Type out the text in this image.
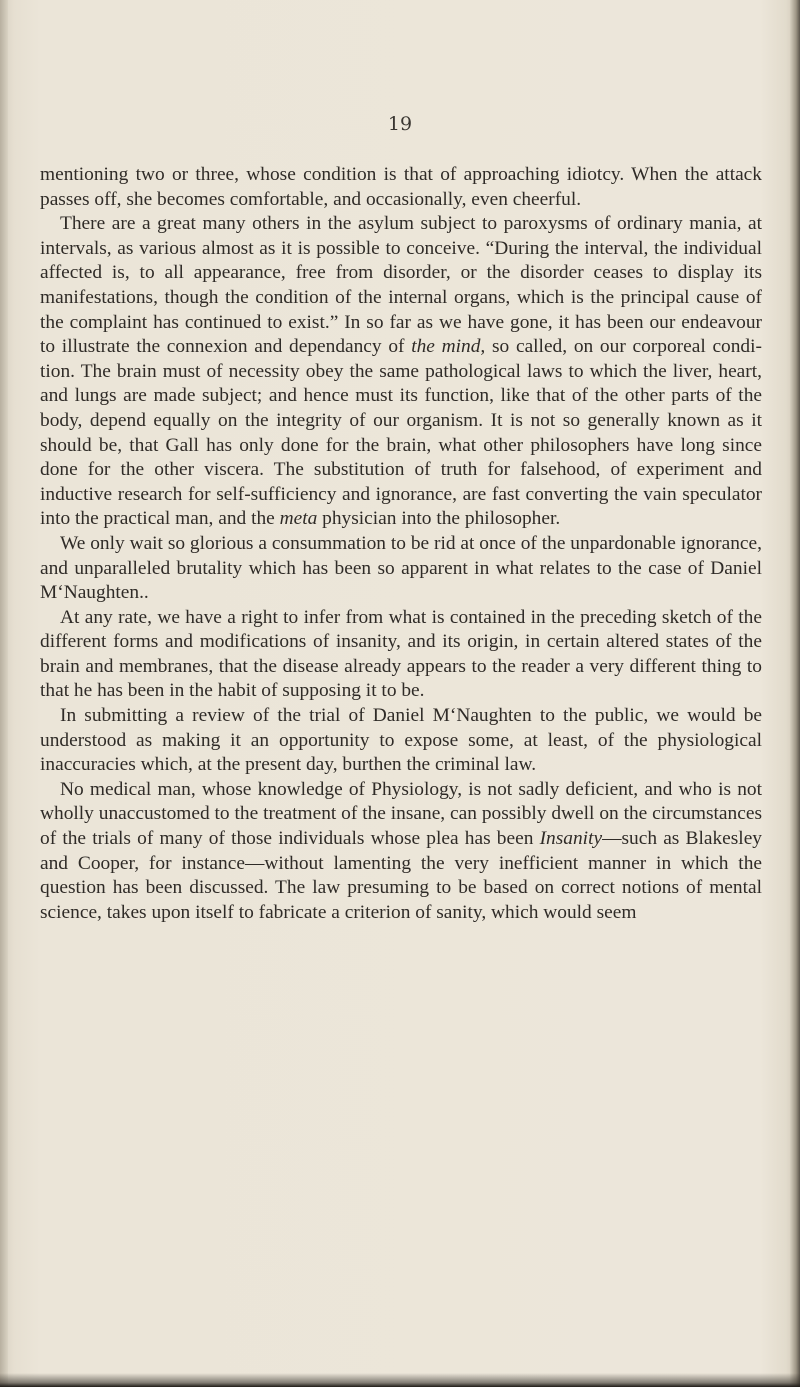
19

mentioning two or three, whose condition is that of approaching idiotcy. When the attack passes off, she becomes comfortable, and occasionally, even cheerful.

There are a great many others in the asylum subject to paroxysms of ordinary mania, at intervals, as various almost as it is possible to conceive. “During the interval, the individual affected is, to all appearance, free from disorder, or the disorder ceases to display its manifestations, though the condition of the internal organs, which is the principal cause of the complaint has continued to exist.” In so far as we have gone, it has been our endeavour to illustrate the connexion and dependancy of the mind, so called, on our corporeal condition. The brain must of necessity obey the same pathological laws to which the liver, heart, and lungs are made subject; and hence must its function, like that of the other parts of the body, depend equally on the integrity of our organism. It is not so generally known as it should be, that Gall has only done for the brain, what other philosophers have long since done for the other viscera. The substitution of truth for falsehood, of experiment and inductive research for self-sufficiency and ignorance, are fast converting the vain speculator into the practical man, and the meta physician into the philosopher.

We only wait so glorious a consummation to be rid at once of the unpardonable ignorance, and unparalleled brutality which has been so apparent in what relates to the case of Daniel M‘Naughten..

At any rate, we have a right to infer from what is contained in the preceding sketch of the different forms and modifications of insanity, and its origin, in certain altered states of the brain and membranes, that the disease already appears to the reader a very different thing to that he has been in the habit of supposing it to be.

In submitting a review of the trial of Daniel M‘Naughten to the public, we would be understood as making it an opportunity to expose some, at least, of the physiological inaccuracies which, at the present day, burthen the criminal law.

No medical man, whose knowledge of Physiology, is not sadly deficient, and who is not wholly unaccustomed to the treatment of the insane, can possibly dwell on the circumstances of the trials of many of those individuals whose plea has been Insanity—such as Blakesley and Cooper, for instance—without lamenting the very inefficient manner in which the question has been discussed. The law presuming to be based on correct notions of mental science, takes upon itself to fabricate a criterion of sanity, which would seem
